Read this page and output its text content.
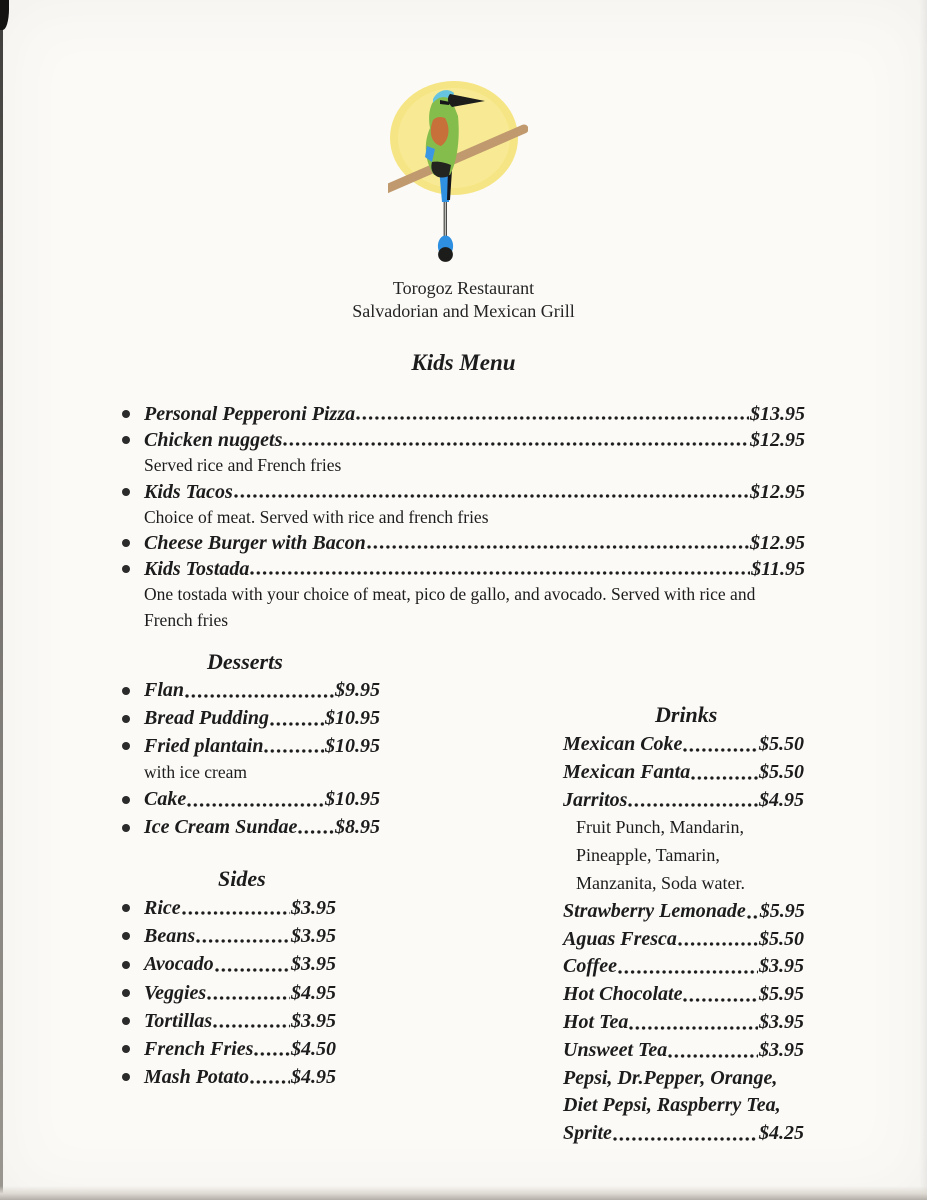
Torogoz Restaurant
Salvadorian and Mexican Grill
Kids Menu
Personal Pepperoni Pizza	$13.95
Chicken nuggets	$12.95
Served rice and French fries
Kids Tacos	$12.95
Choice of meat. Served with rice and french fries
Cheese Burger with Bacon	$12.95
Kids Tostada	$11.95
One tostada with your choice of meat, pico de gallo, and avocado. Served with rice and French fries
Desserts
Flan	$9.95
Bread Pudding	$10.95
Fried plantain	$10.95
with ice cream
Cake	$10.95
Ice Cream Sundae $8.95
Sides
Rice	$3.95
Beans	$3.95
Avocado	$3.95
Veggies	$4.95
Tortillas	$3.95
French Fries $4.50
Mash Potato $4.95
Drinks
Mexican Coke	$5.50
Mexican Fanta	$5.50
Jarritos	$4.95
Fruit Punch, Mandarin,
Pineapple, Tamarin,
Manzanita, Soda water.
Strawberry Lemonade $5.95
Aguas Fresca	$5.50
Coffee	$3.95
Hot Chocolate	$5.95
Hot Tea	$3.95
Unsweet Tea	$3.95
Pepsi, Dr.Pepper, Orange,
Diet Pepsi, Raspberry Tea,
Sprite	$4.25
